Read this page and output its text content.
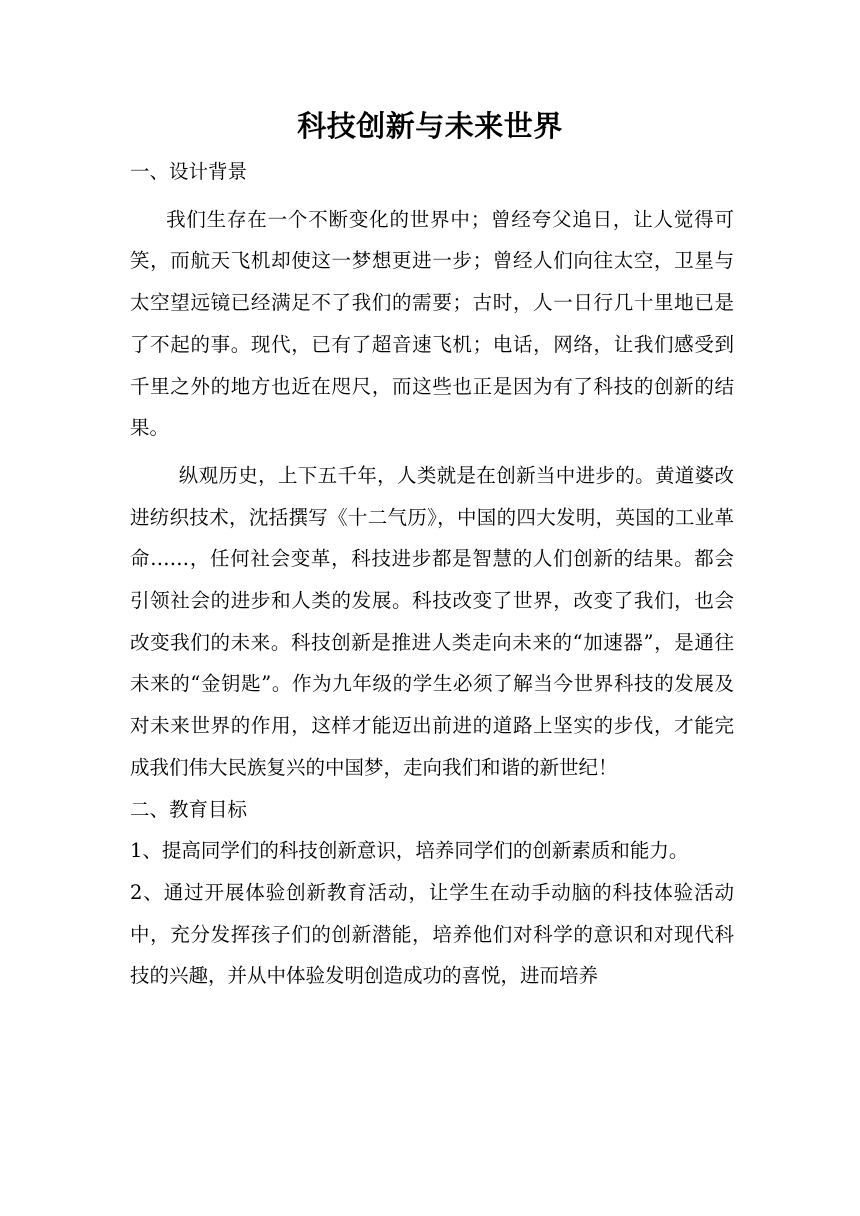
科技创新与未来世界
一、设计背景
我们生存在一个不断变化的世界中；曾经夸父追日，让人觉得可笑，而航天飞机却使这一梦想更进一步；曾经人们向往太空，卫星与太空望远镜已经满足不了我们的需要；古时，人一日行几十里地已是了不起的事。现代，已有了超音速飞机；电话，网络，让我们感受到千里之外的地方也近在咫尺，而这些也正是因为有了科技的创新的结果。
纵观历史，上下五千年，人类就是在创新当中进步的。黄道婆改进纺织技术，沈括撰写《十二气历》，中国的四大发明，英国的工业革命……，任何社会变革，科技进步都是智慧的人们创新的结果。都会引领社会的进步和人类的发展。科技改变了世界，改变了我们，也会改变我们的未来。科技创新是推进人类走向未来的“加速器”，是通往未来的“金钥匙”。作为九年级的学生必须了解当今世界科技的发展及对未来世界的作用，这样才能迈出前进的道路上坚实的步伐，才能完成我们伟大民族复兴的中国梦，走向我们和谐的新世纪！
二、教育目标
1、提高同学们的科技创新意识，培养同学们的创新素质和能力。
2、通过开展体验创新教育活动，让学生在动手动脑的科技体验活动中，充分发挥孩子们的创新潜能，培养他们对科学的意识和对现代科技的兴趣，并从中体验发明创造成功的喜悦，进而培养
